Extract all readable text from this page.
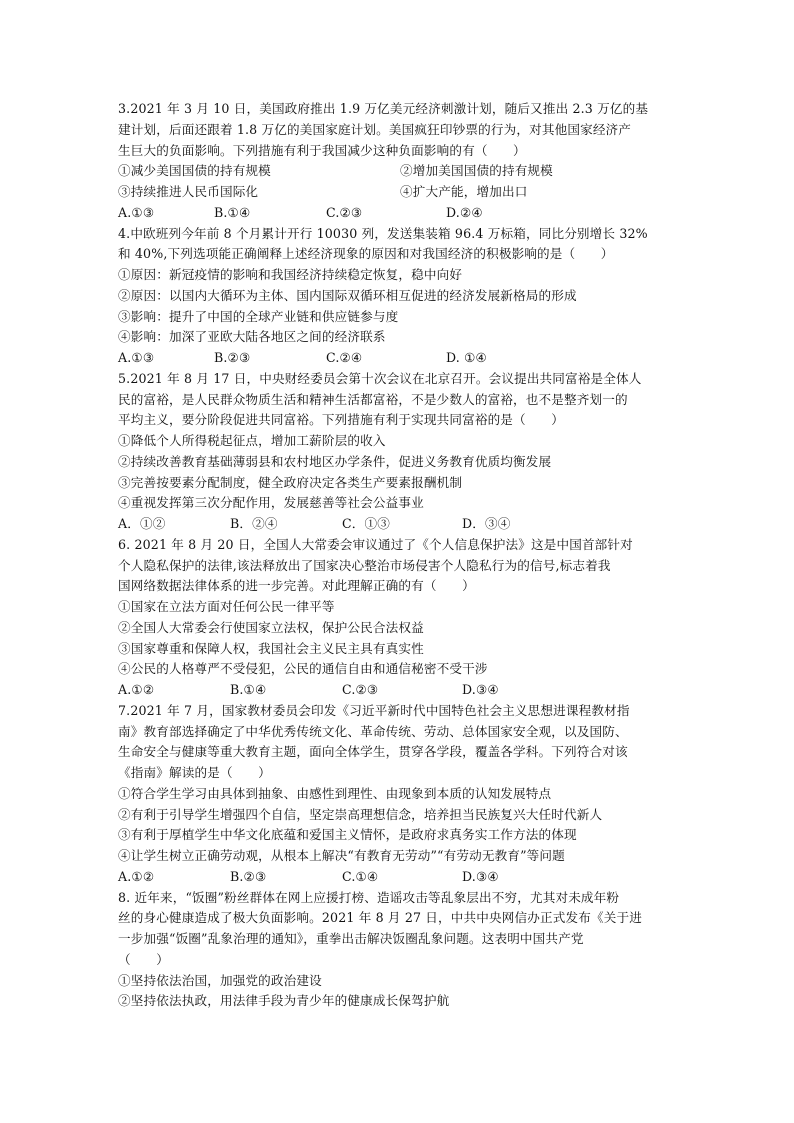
3.2021 年 3 月 10 日，美国政府推出 1.9 万亿美元经济刺激计划，随后又推出 2.3 万亿的基
建计划，后面还跟着 1.8 万亿的美国家庭计划。美国疯狂印钞票的行为，对其他国家经济产
生巨大的负面影响。下列措施有利于我国减少这种负面影响的有（　　）
①减少美国国债的持有规模	②增加美国国债的持有规模
③持续推进人民币国际化	④扩大产能，增加出口
A.①③	B.①④	C.②③	D.②④
4.中欧班列今年前 8 个月累计开行 10030 列，发送集装箱 96.4 万标箱，同比分别增长 32%
和 40%,下列选项能正确阐释上述经济现象的原因和对我国经济的积极影响的是（　　）
①原因：新冠疫情的影响和我国经济持续稳定恢复，稳中向好
②原因：以国内大循环为主体、国内国际双循环相互促进的经济发展新格局的形成
③影响：提升了中国的全球产业链和供应链参与度
④影响：加深了亚欧大陆各地区之间的经济联系
A.①③	B.②③	C.②④	D. ①④
5.2021 年 8 月 17 日，中央财经委员会第十次会议在北京召开。会议提出共同富裕是全体人
民的富裕，是人民群众物质生活和精神生活都富裕，不是少数人的富裕，也不是整齐划一的
平均主义，要分阶段促进共同富裕。下列措施有利于实现共同富裕的是（　　）
①降低个人所得税起征点，增加工薪阶层的收入
②持续改善教育基础薄弱县和农村地区办学条件，促进义务教育优质均衡发展
③完善按要素分配制度，健全政府决定各类生产要素报酬机制
④重视发挥第三次分配作用，发展慈善等社会公益事业
A．①②	B．②④	C．①③	D．③④
6. 2021 年 8 月 20 日，全国人大常委会审议通过了《个人信息保护法》这是中国首部针对
个人隐私保护的法律,该法释放出了国家决心整治市场侵害个人隐私行为的信号,标志着我
国网络数据法律体系的进一步完善。对此理解正确的有（　　）
①国家在立法方面对任何公民一律平等
②全国人大常委会行使国家立法权，保护公民合法权益
③国家尊重和保障人权，我国社会主义民主具有真实性
④公民的人格尊严不受侵犯，公民的通信自由和通信秘密不受干涉
A.①②	B.①④	C.②③	D.③④
7.2021 年 7 月，国家教材委员会印发《习近平新时代中国特色社会主义思想进课程教材指
南》教育部选择确定了中华优秀传统文化、革命传统、劳动、总体国家安全观，以及国防、
生命安全与健康等重大教育主题，面向全体学生，贯穿各学段，覆盖各学科。下列符合对该
《指南》解读的是（　　）
①符合学生学习由具体到抽象、由感性到理性、由现象到本质的认知发展特点
②有利于引导学生增强四个自信，坚定崇高理想信念，培养担当民族复兴大任时代新人
③有利于厚植学生中华文化底蕴和爱国主义情怀，是政府求真务实工作方法的体现
④让学生树立正确劳动观，从根本上解决“有教育无劳动”“有劳动无教育”等问题
A.①②	B.②③	C.①④	D.③④
8. 近年来，“饭圈”粉丝群体在网上应援打榜、造谣攻击等乱象层出不穷，尤其对未成年粉
丝的身心健康造成了极大负面影响。2021 年 8 月 27 日，中共中央网信办正式发布《关于进
一步加强“饭圈”乱象治理的通知》，重拳出击解决饭圈乱象问题。这表明中国共产党
（　　）
①坚持依法治国，加强党的政治建设
②坚持依法执政，用法律手段为青少年的健康成长保驾护航
